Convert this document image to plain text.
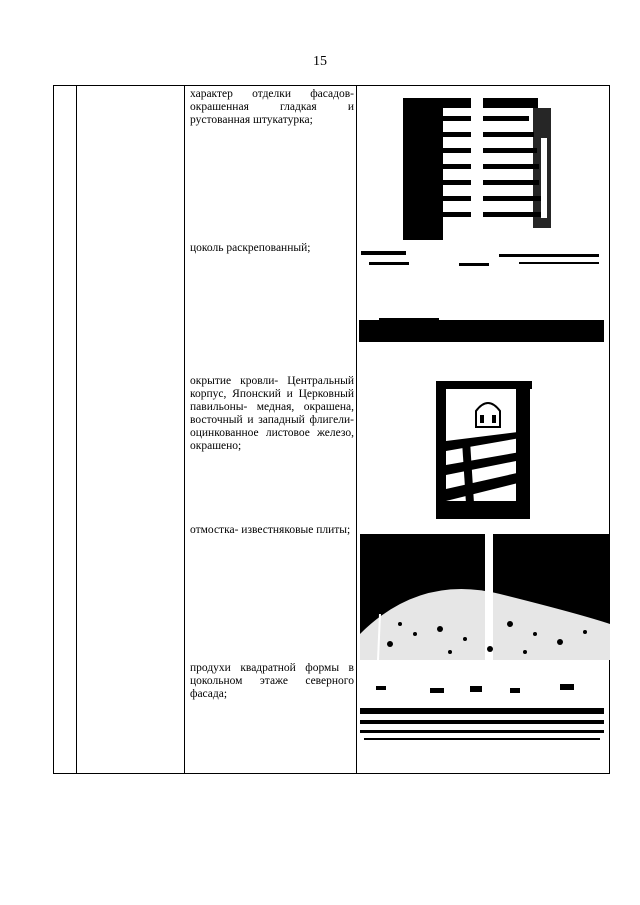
15
характер отделки фасадов- окрашенная гладкая и рустованная штукатурка;
цоколь раскрепованный;
окрытие кровли- Центральный корпус, Японский и Церковный павильоны- медная, окрашена, восточный и западный флигели- оцинкованное листовое железо, окрашено;
отмостка- известняковые плиты;
продухи квадратной формы в цокольном этаже северного фасада;
